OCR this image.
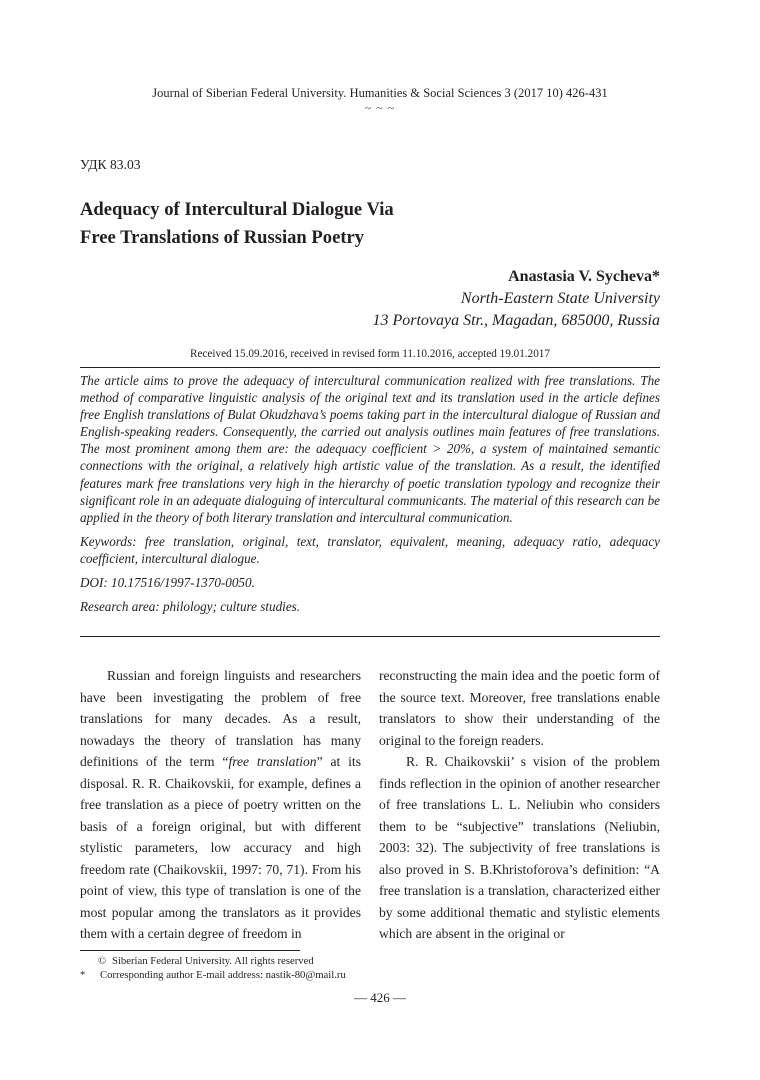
Journal of Siberian Federal University. Humanities & Social Sciences 3 (2017 10) 426-431
~ ~ ~
УДК 83.03
Adequacy of Intercultural Dialogue Via
Free Translations of Russian Poetry
Anastasia V. Sycheva*
North-Eastern State University
13 Portovaya Str., Magadan, 685000, Russia
Received 15.09.2016, received in revised form 11.10.2016, accepted 19.01.2017

The article aims to prove the adequacy of intercultural communication realized with free translations. The method of comparative linguistic analysis of the original text and its translation used in the article defines free English translations of Bulat Okudzhava’s poems taking part in the intercultural dialogue of Russian and English-speaking readers. Consequently, the carried out analysis outlines main features of free translations. The most prominent among them are: the adequacy coefficient > 20%, a system of maintained semantic connections with the original, a relatively high artistic value of the translation. As a result, the identified features mark free translations very high in the hierarchy of poetic translation typology and recognize their significant role in an adequate dialoguing of intercultural communicants. The material of this research can be applied in the theory of both literary translation and intercultural communication.

Keywords: free translation, original, text, translator, equivalent, meaning, adequacy ratio, adequacy coefficient, intercultural dialogue.

DOI: 10.17516/1997-1370-0050.

Research area: philology; culture studies.

Russian and foreign linguists and researchers have been investigating the problem of free translations for many decades. As a result, nowadays the theory of translation has many definitions of the term “free translation” at its disposal. R. R. Chaikovskii, for example, defines a free translation as a piece of poetry written on the basis of a foreign original, but with different stylistic parameters, low accuracy and high freedom rate (Chaikovskii, 1997: 70, 71). From his point of view, this type of translation is one of the most popular among the translators as it provides them with a certain degree of freedom in

reconstructing the main idea and the poetic form of the source text. Moreover, free translations enable translators to show their understanding of the original to the foreign readers.

R. R. Chaikovskii’ s vision of the problem finds reflection in the opinion of another researcher of free translations L. L. Neliubin who considers them to be “subjective” translations (Neliubin, 2003: 32). The subjectivity of free translations is also proved in S. B.Khristoforova’s definition: “A free translation is a translation, characterized either by some additional thematic and stylistic elements which are absent in the original or

© Siberian Federal University. All rights reserved
* Corresponding author E-mail address: nastik-80@mail.ru
— 426 —
